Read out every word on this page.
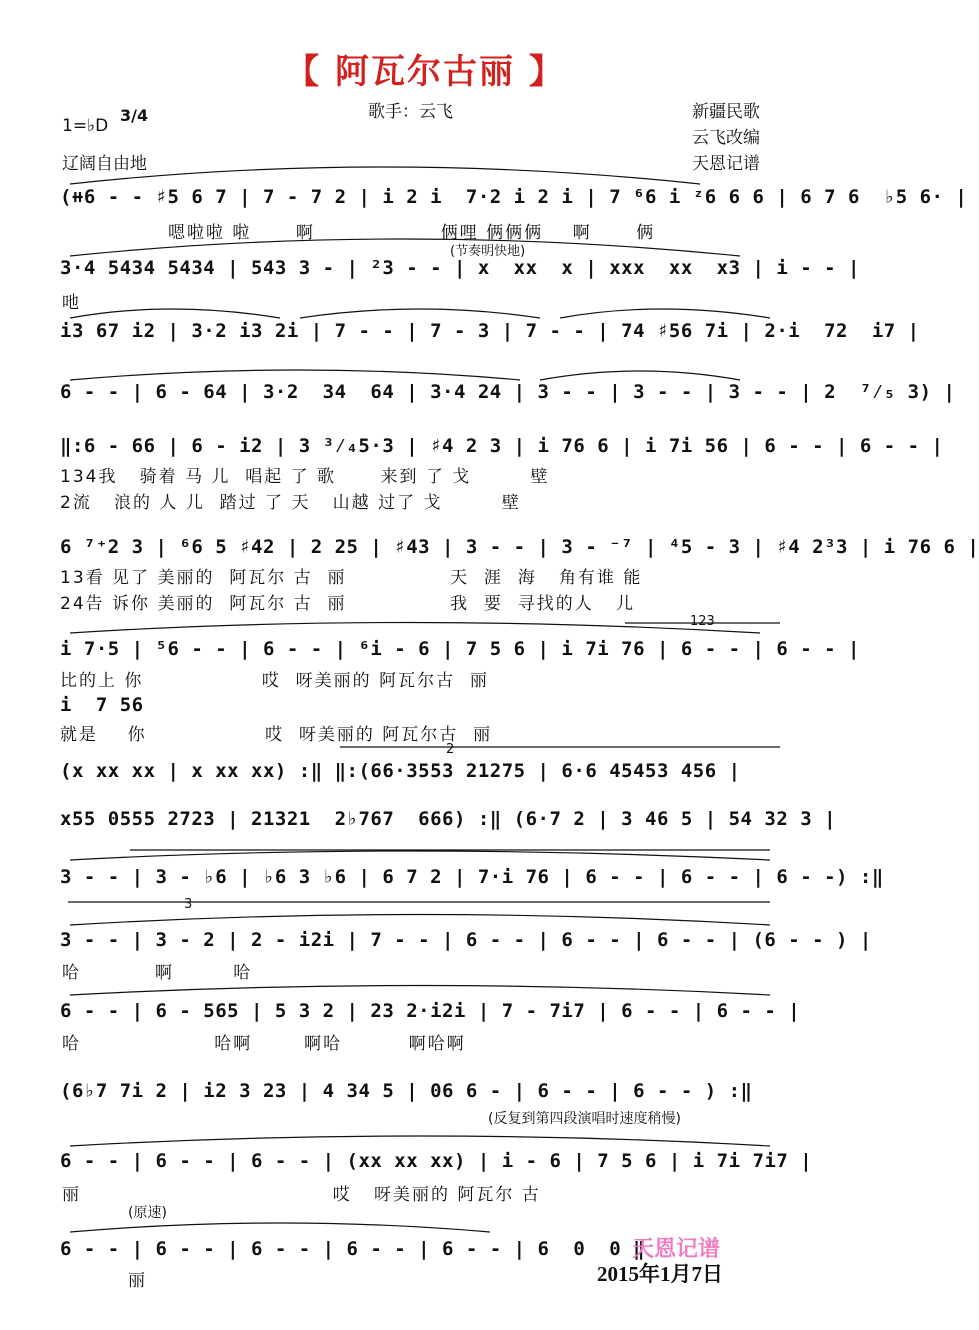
【 阿瓦尔古丽 】
歌手：云飞	新疆民歌
云飞改编
天恩记谱
1=♭D
3/4
辽阔自由地
(⧺6 - - ♯5 6 7 | 7 - 7 2 | i 2 i  7·2 i 2 i | 7 ⁶6 i ᶻ6 6 6 | 6 7 6  ♭5 6· |
嗯啦啦 啦      啊                 俩哩 俩俩俩    啊      俩
(节奏明快地)
3·4 5434 5434 | 543 3 - | ²3 - - | x  xx  x | xxx  xx  x3 | i - - |
吔
i3 67 i2 | 3·2 i3 2i | 7 - - | 7 - 3 | 7 - - | 74 ♯56 7i | 2·i  72  i7 |
6 - - | 6 - 64 | 3·2  34  64 | 3·4 24 | 3 - - | 3 - - | 3 - - | 2  ⁷⁄₅ 3) |
‖:6 - 66 | 6 - i2 | 3 ³⁄₄5·3 | ♯4 2 3 | i 76 6 | i 7i 56 | 6 - - | 6 - - |
134我   骑着 马 儿  唱起 了 歌      来到 了 戈        壁
2流   浪的 人 儿  踏过 了 天   山越 过了 戈        壁
6 ⁷⁺2 3 | ⁶6 5 ♯42 | 2 25 | ♯43 | 3 - - | 3 - ⁻⁷ | ⁴5 - 3 | ♯4 2³3 | i 76 6 |
13看 见了 美丽的  阿瓦尔 古  丽              天  涯  海   角有谁 能
24告 诉你 美丽的  阿瓦尔 古  丽              我  要  寻找的人   儿
123
i 7·5 | ⁵6 - - | 6 - - | ⁶i - 6 | 7 5 6 | i 7i 76 | 6 - - | 6 - - |
比的上 你                哎  呀美丽的 阿瓦尔古  丽
i  7 56
就是    你                哎  呀美丽的 阿瓦尔古  丽
2
(x xx xx | x xx xx) :‖ ‖:(66·3553 21275 | 6·6 45453 456 |
x55 0555 2723 | 21321  2♭767  666) :‖ (6·7 2 | 3 46 5 | 54 32 3 |
3 - - | 3 - ♭6 | ♭6 3 ♭6 | 6 7 2 | 7·i 76 | 6 - - | 6 - - | 6 - -) :‖
3
3 - - | 3 - 2 | 2 - i2i | 7 - - | 6 - - | 6 - - | 6 - - | (6 - - ) |
哈          啊        哈
6 - - | 6 - 565 | 5 3 2 | 23 2·i2i | 7 - 7i7 | 6 - - | 6 - - |
哈                  哈啊       啊哈         啊哈啊
(6♭7 7i 2 | i2 3 23 | 4 34 5 | 06 6 - | 6 - - | 6 - - ) :‖
(反复到第四段演唱时速度稍慢)
6 - - | 6 - - | 6 - - | (xx xx xx) | i - 6 | 7 5 6 | i 7i 7i7 |
丽                                  哎   呀美丽的 阿瓦尔 古
(原速)
6 - - | 6 - - | 6 - - | 6 - - | 6 - - | 6  0  0 ‖
丽
天恩记谱
2015年1月7日
